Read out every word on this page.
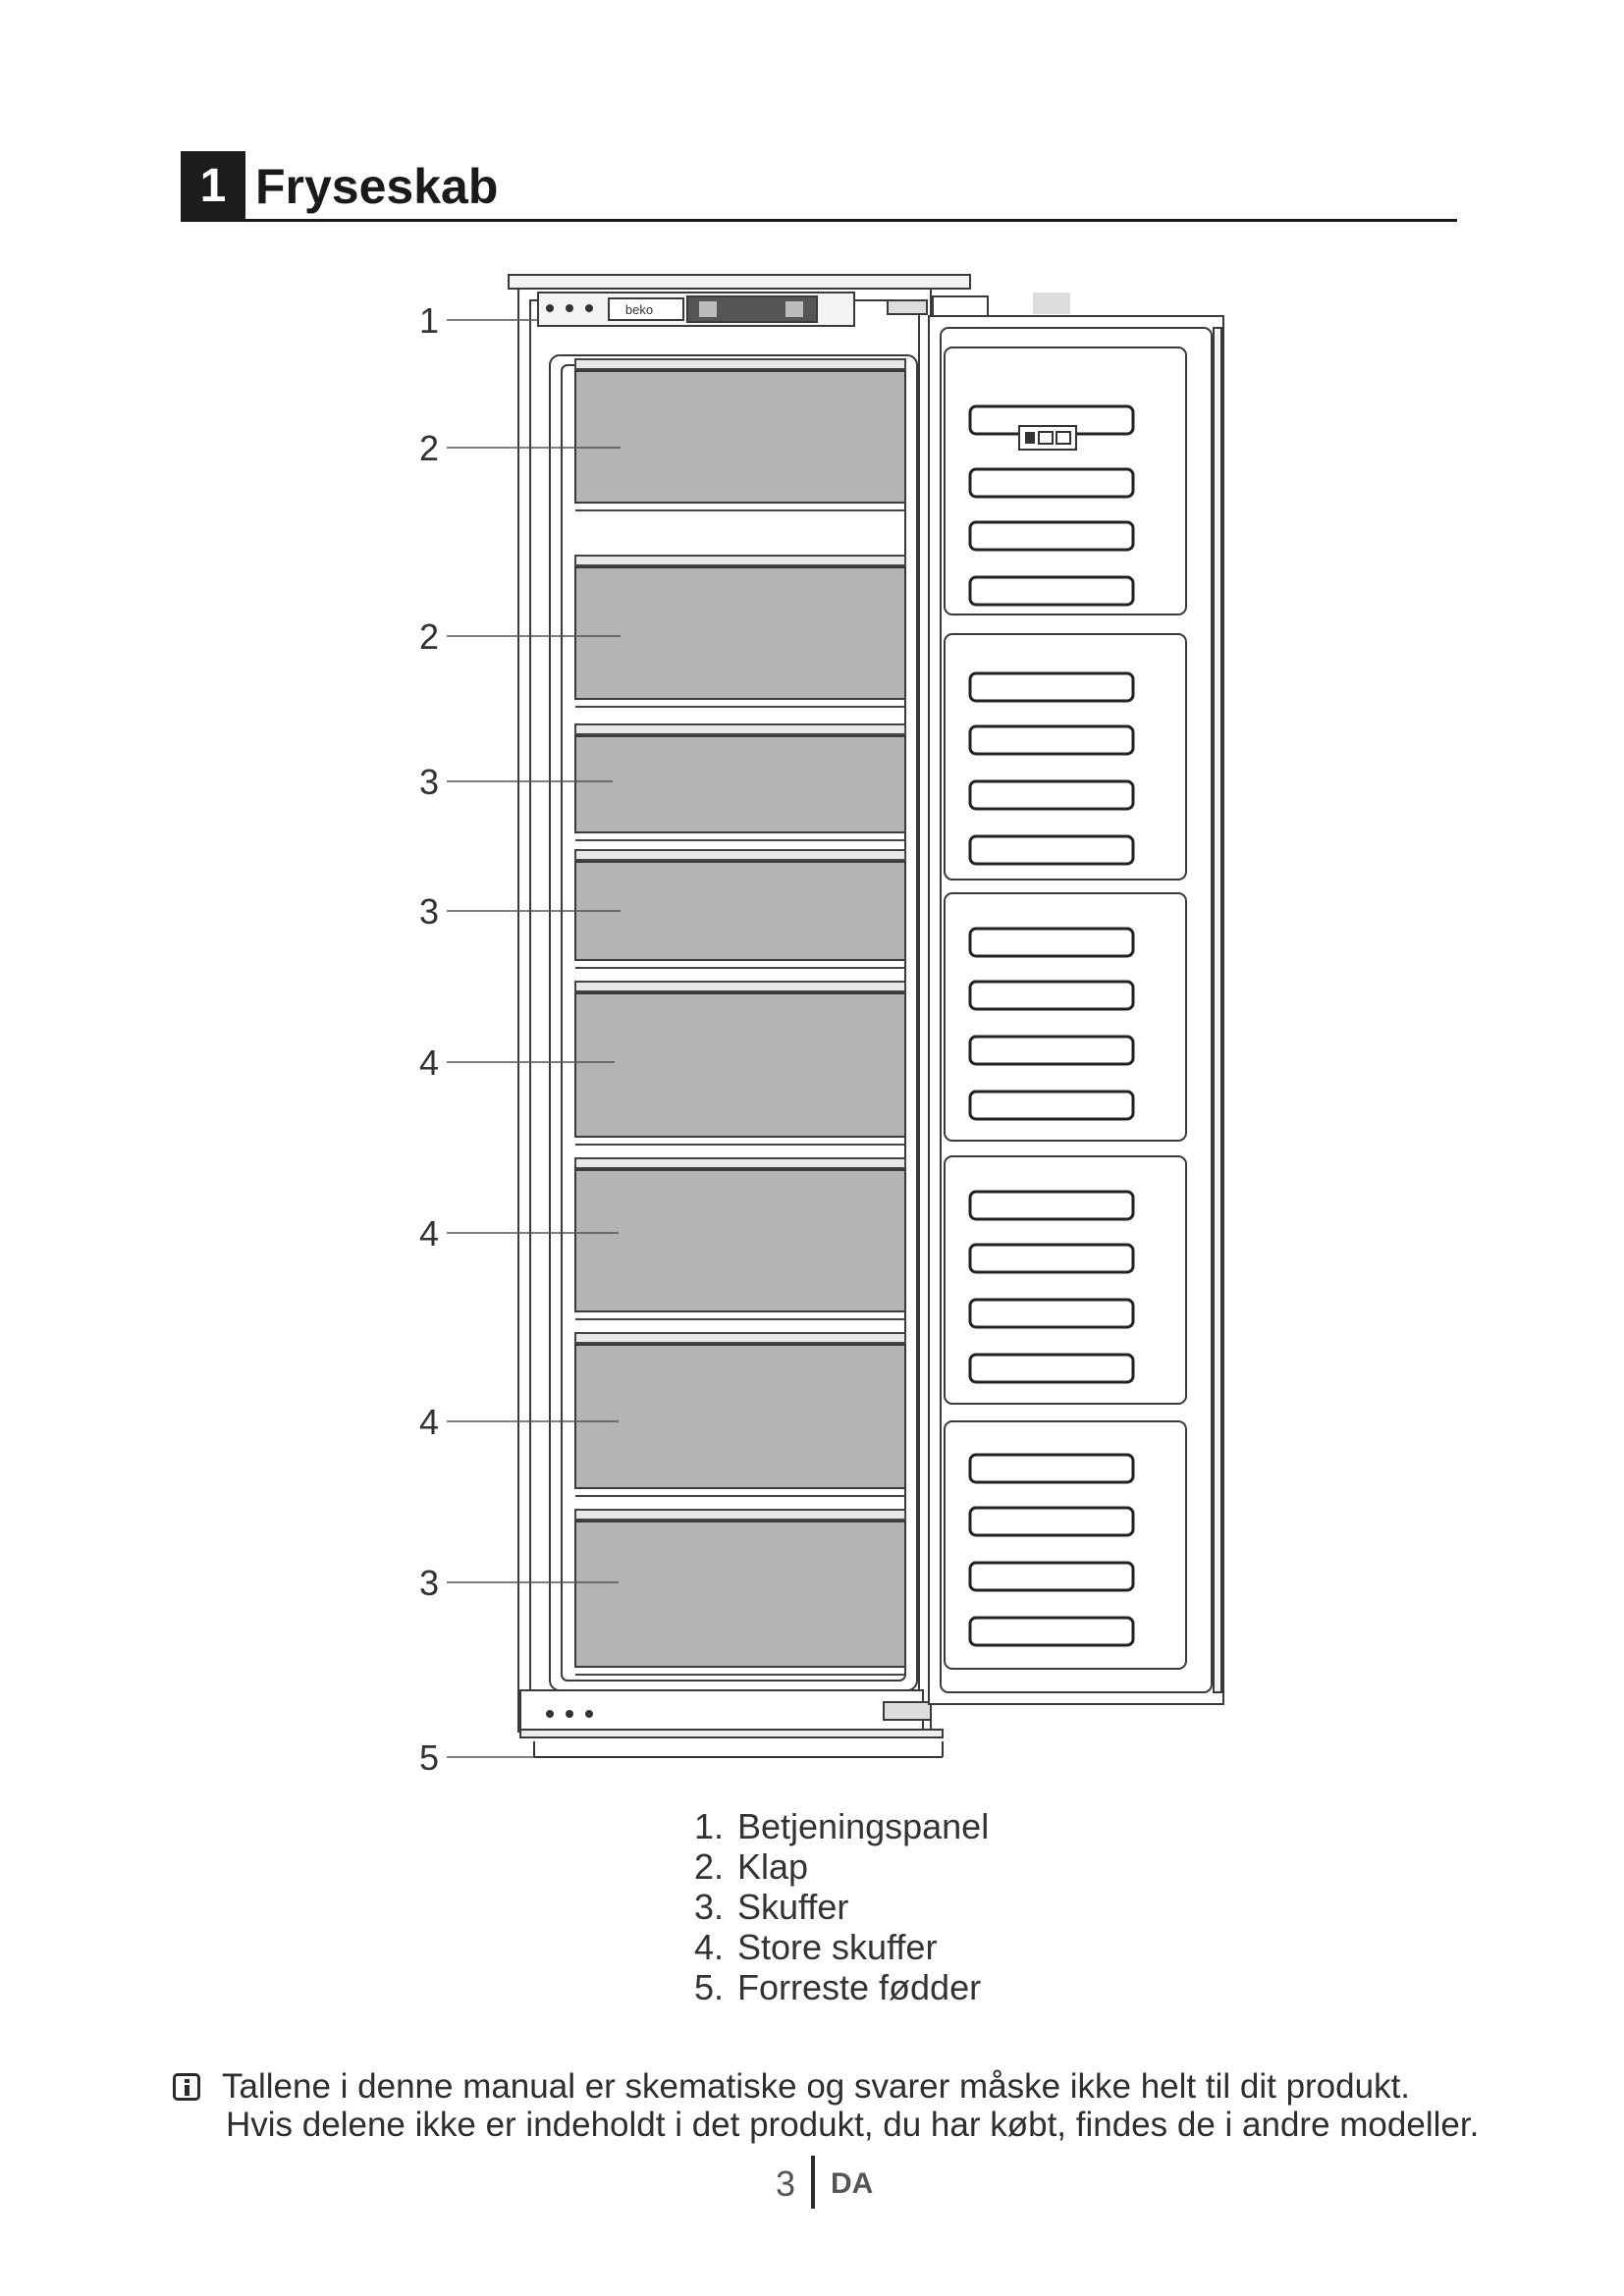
1 Fryseskab
1
2
2
3
3
4
4
4
3
5
beko
1. Betjeningspanel
2. Klap
3. Skuffer
4. Store skuffer
5. Forreste fødder
Tallene i denne manual er skematiske og svarer måske ikke helt til dit produkt.
Hvis delene ikke er indeholdt i det produkt, du har købt, findes de i andre modeller.
3 DA
